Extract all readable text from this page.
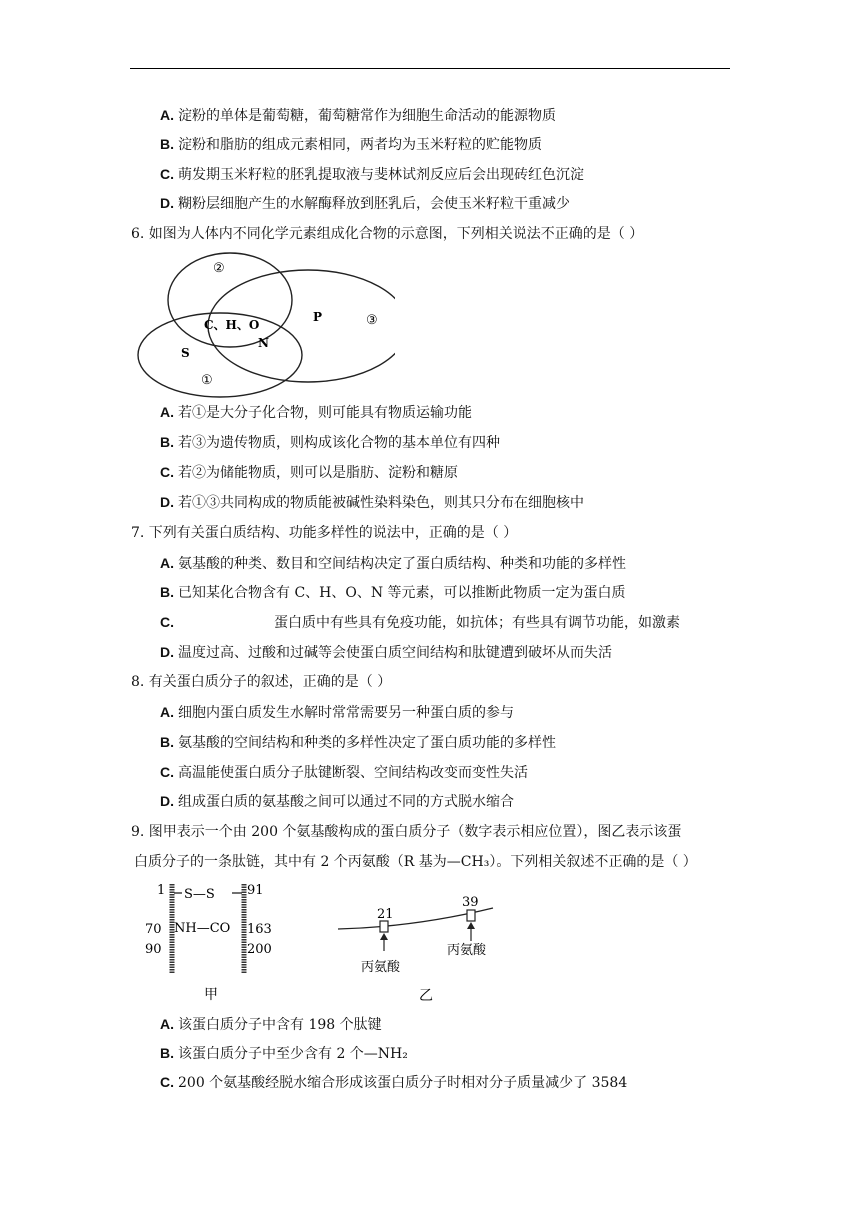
A. 淀粉的单体是葡萄糖，葡萄糖常作为细胞生命活动的能源物质
B. 淀粉和脂肪的组成元素相同，两者均为玉米籽粒的贮能物质
C. 萌发期玉米籽粒的胚乳提取液与斐林试剂反应后会出现砖红色沉淀
D. 糊粉层细胞产生的水解酶释放到胚乳后，会使玉米籽粒干重减少
6. 如图为人体内不同化学元素组成化合物的示意图，下列相关说法不正确的是（ ）
②
P	③
C、H、O
N
S
①
A. 若①是大分子化合物，则可能具有物质运输功能
B. 若③为遗传物质，则构成该化合物的基本单位有四种
C. 若②为储能物质，则可以是脂肪、淀粉和糖原
D. 若①③共同构成的物质能被碱性染料染色，则其只分布在细胞核中
7. 下列有关蛋白质结构、功能多样性的说法中，正确的是（ ）
A. 氨基酸的种类、数目和空间结构决定了蛋白质结构、种类和功能的多样性
B. 已知某化合物含有 C、H、O、N 等元素，可以推断此物质一定为蛋白质
C.	蛋白质中有些具有免疫功能，如抗体；有些具有调节功能，如激素
D. 温度过高、过酸和过碱等会使蛋白质空间结构和肽键遭到破坏从而失活
8. 有关蛋白质分子的叙述，正确的是（ ）
A. 细胞内蛋白质发生水解时常常需要另一种蛋白质的参与
B. 氨基酸的空间结构和种类的多样性决定了蛋白质功能的多样性
C. 高温能使蛋白质分子肽键断裂、空间结构改变而变性失活
D. 组成蛋白质的氨基酸之间可以通过不同的方式脱水缩合
9. 图甲表示一个由 200 个氨基酸构成的蛋白质分子（数字表示相应位置），图乙表示该蛋
白质分子的一条肽链，其中有 2 个丙氨酸（R 基为—CH₃）。下列相关叙述不正确的是（ ）
S—S
NH—CO
1	91
70	163
90	200
甲
21
39
丙氨酸
丙氨酸
乙
A. 该蛋白质分子中含有 198 个肽键
B. 该蛋白质分子中至少含有 2 个—NH₂
C. 200 个氨基酸经脱水缩合形成该蛋白质分子时相对分子质量减少了 3584
